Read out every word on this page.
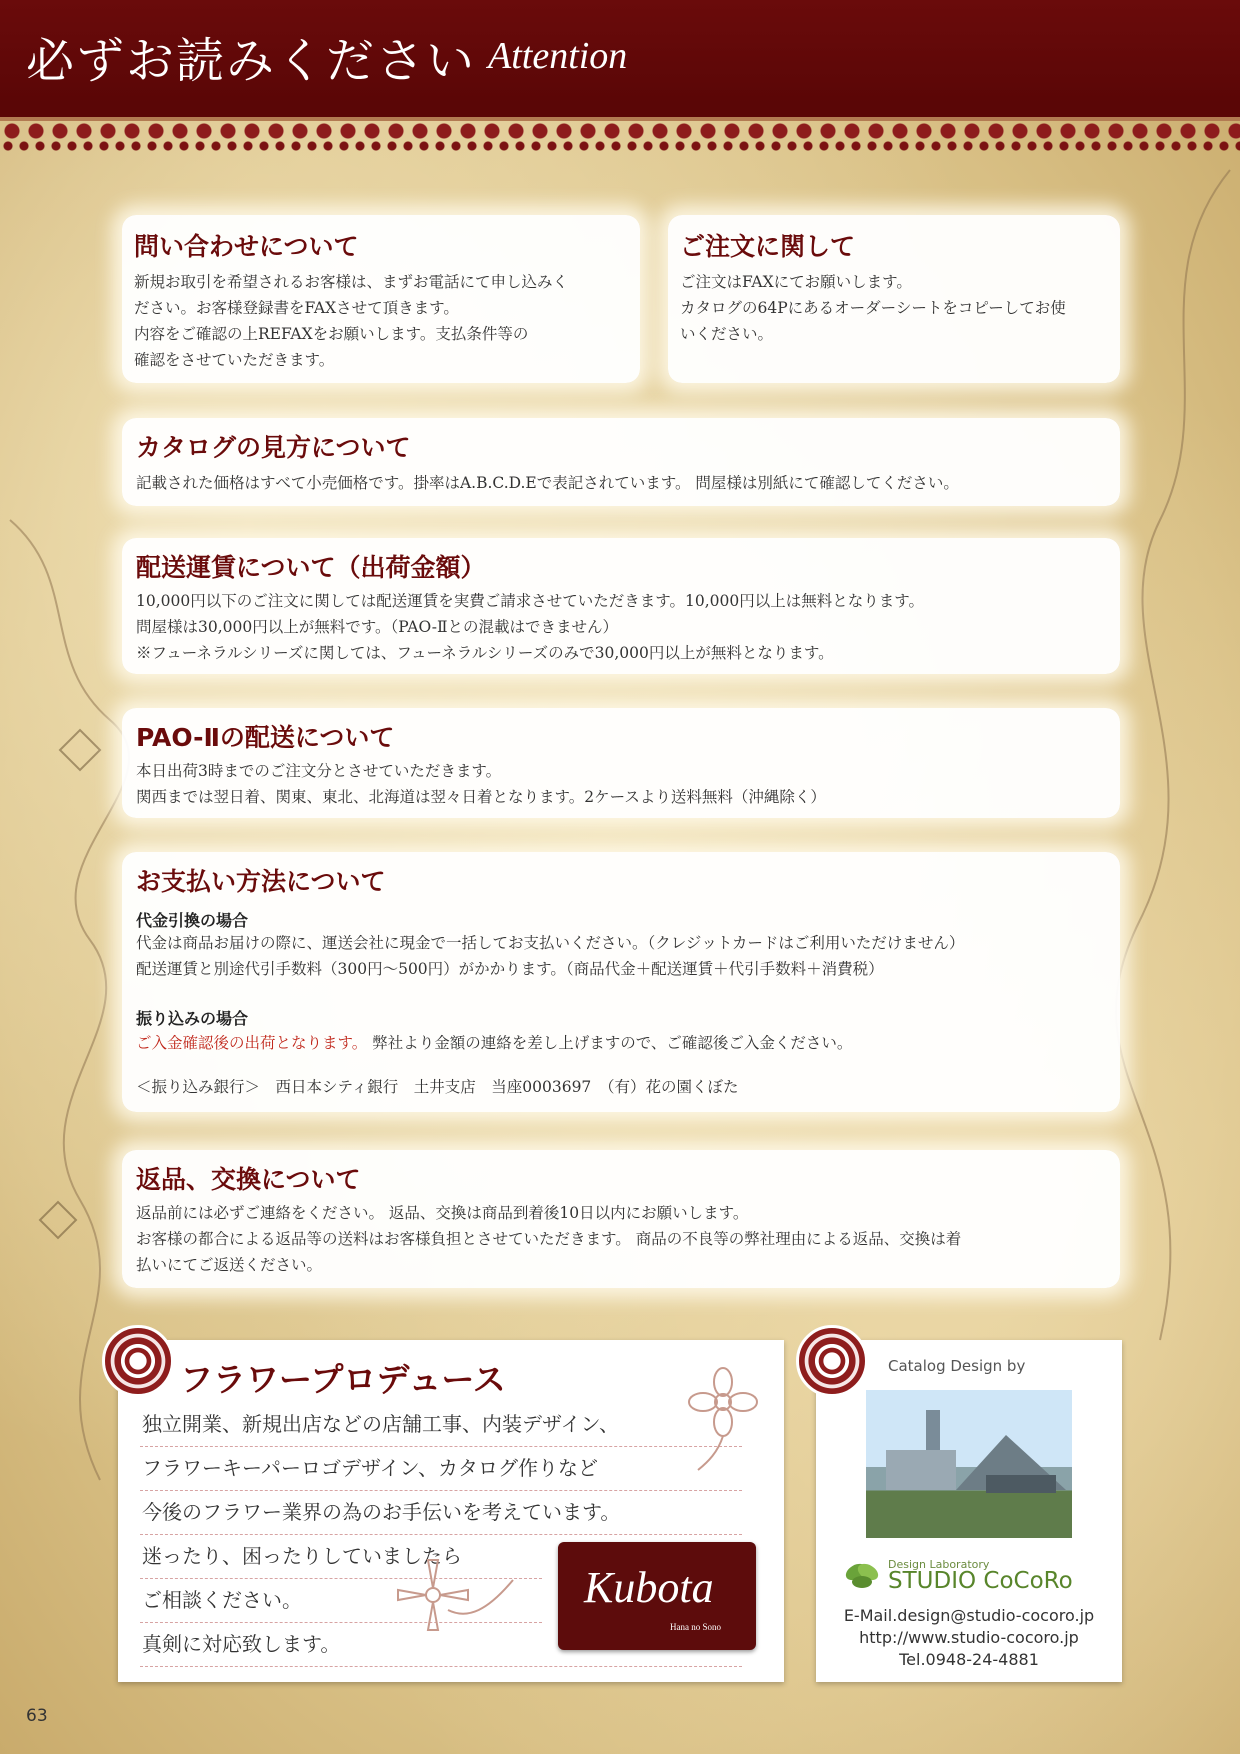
必ずお読みください Attention
問い合わせについて

新規お取引を希望されるお客様は、まずお電話にて申し込みく

ださい。お客様登録書をFAXさせて頂きます。

内容をご確認の上REFAXをお願いします。支払条件等の

確認をさせていただきます。

ご注文に関して

ご注文はFAXにてお願いします。

カタログの64Pにあるオーダーシートをコピーしてお使

いください。

カタログの見方について

記載された価格はすべて小売価格です。掛率はA.B.C.D.Eで表記されています。 問屋様は別紙にて確認してください。

配送運賃について（出荷金額）

10,000円以下のご注文に関しては配送運賃を実費ご請求させていただきます。10,000円以上は無料となります。

問屋様は30,000円以上が無料です。（PAO-Ⅱとの混載はできません）

※フューネラルシリーズに関しては、フューネラルシリーズのみで30,000円以上が無料となります。

PAO-Ⅱの配送について

本日出荷3時までのご注文分とさせていただきます。

関西までは翌日着、関東、東北、北海道は翌々日着となります。2ケースより送料無料（沖縄除く）

お支払い方法について
代金引換の場合

代金は商品お届けの際に、運送会社に現金で一括してお支払いください。（クレジットカードはご利用いただけません）

配送運賃と別途代引手数料（300円〜500円）がかかります。（商品代金＋配送運賃＋代引手数料＋消費税）

振り込みの場合

ご入金確認後の出荷となります。 弊社より金額の連絡を差し上げますので、ご確認後ご入金ください。

＜振り込み銀行＞　西日本シティ銀行　土井支店　当座0003697　（有）花の園くぼた

返品、交換について

返品前には必ずご連絡をください。 返品、交換は商品到着後10日以内にお願いします。

お客様の都合による返品等の送料はお客様負担とさせていただきます。 商品の不良等の弊社理由による返品、交換は着

払いにてご返送ください。

フラワープロデュース
独立開業、新規出店などの店舗工事、内装デザイン、
フラワーキーパーロゴデザイン、カタログ作りなど
今後のフラワー業界の為のお手伝いを考えています。
迷ったり、困ったりしていましたら
ご相談ください。
真剣に対応致します。
Kubota
Hana no Sono
Catalog Design by
Design Laboratory
STUDIO CoCoRo
E-Mail.design@studio-cocoro.jp
http://www.studio-cocoro.jp
Tel.0948-24-4881
63
